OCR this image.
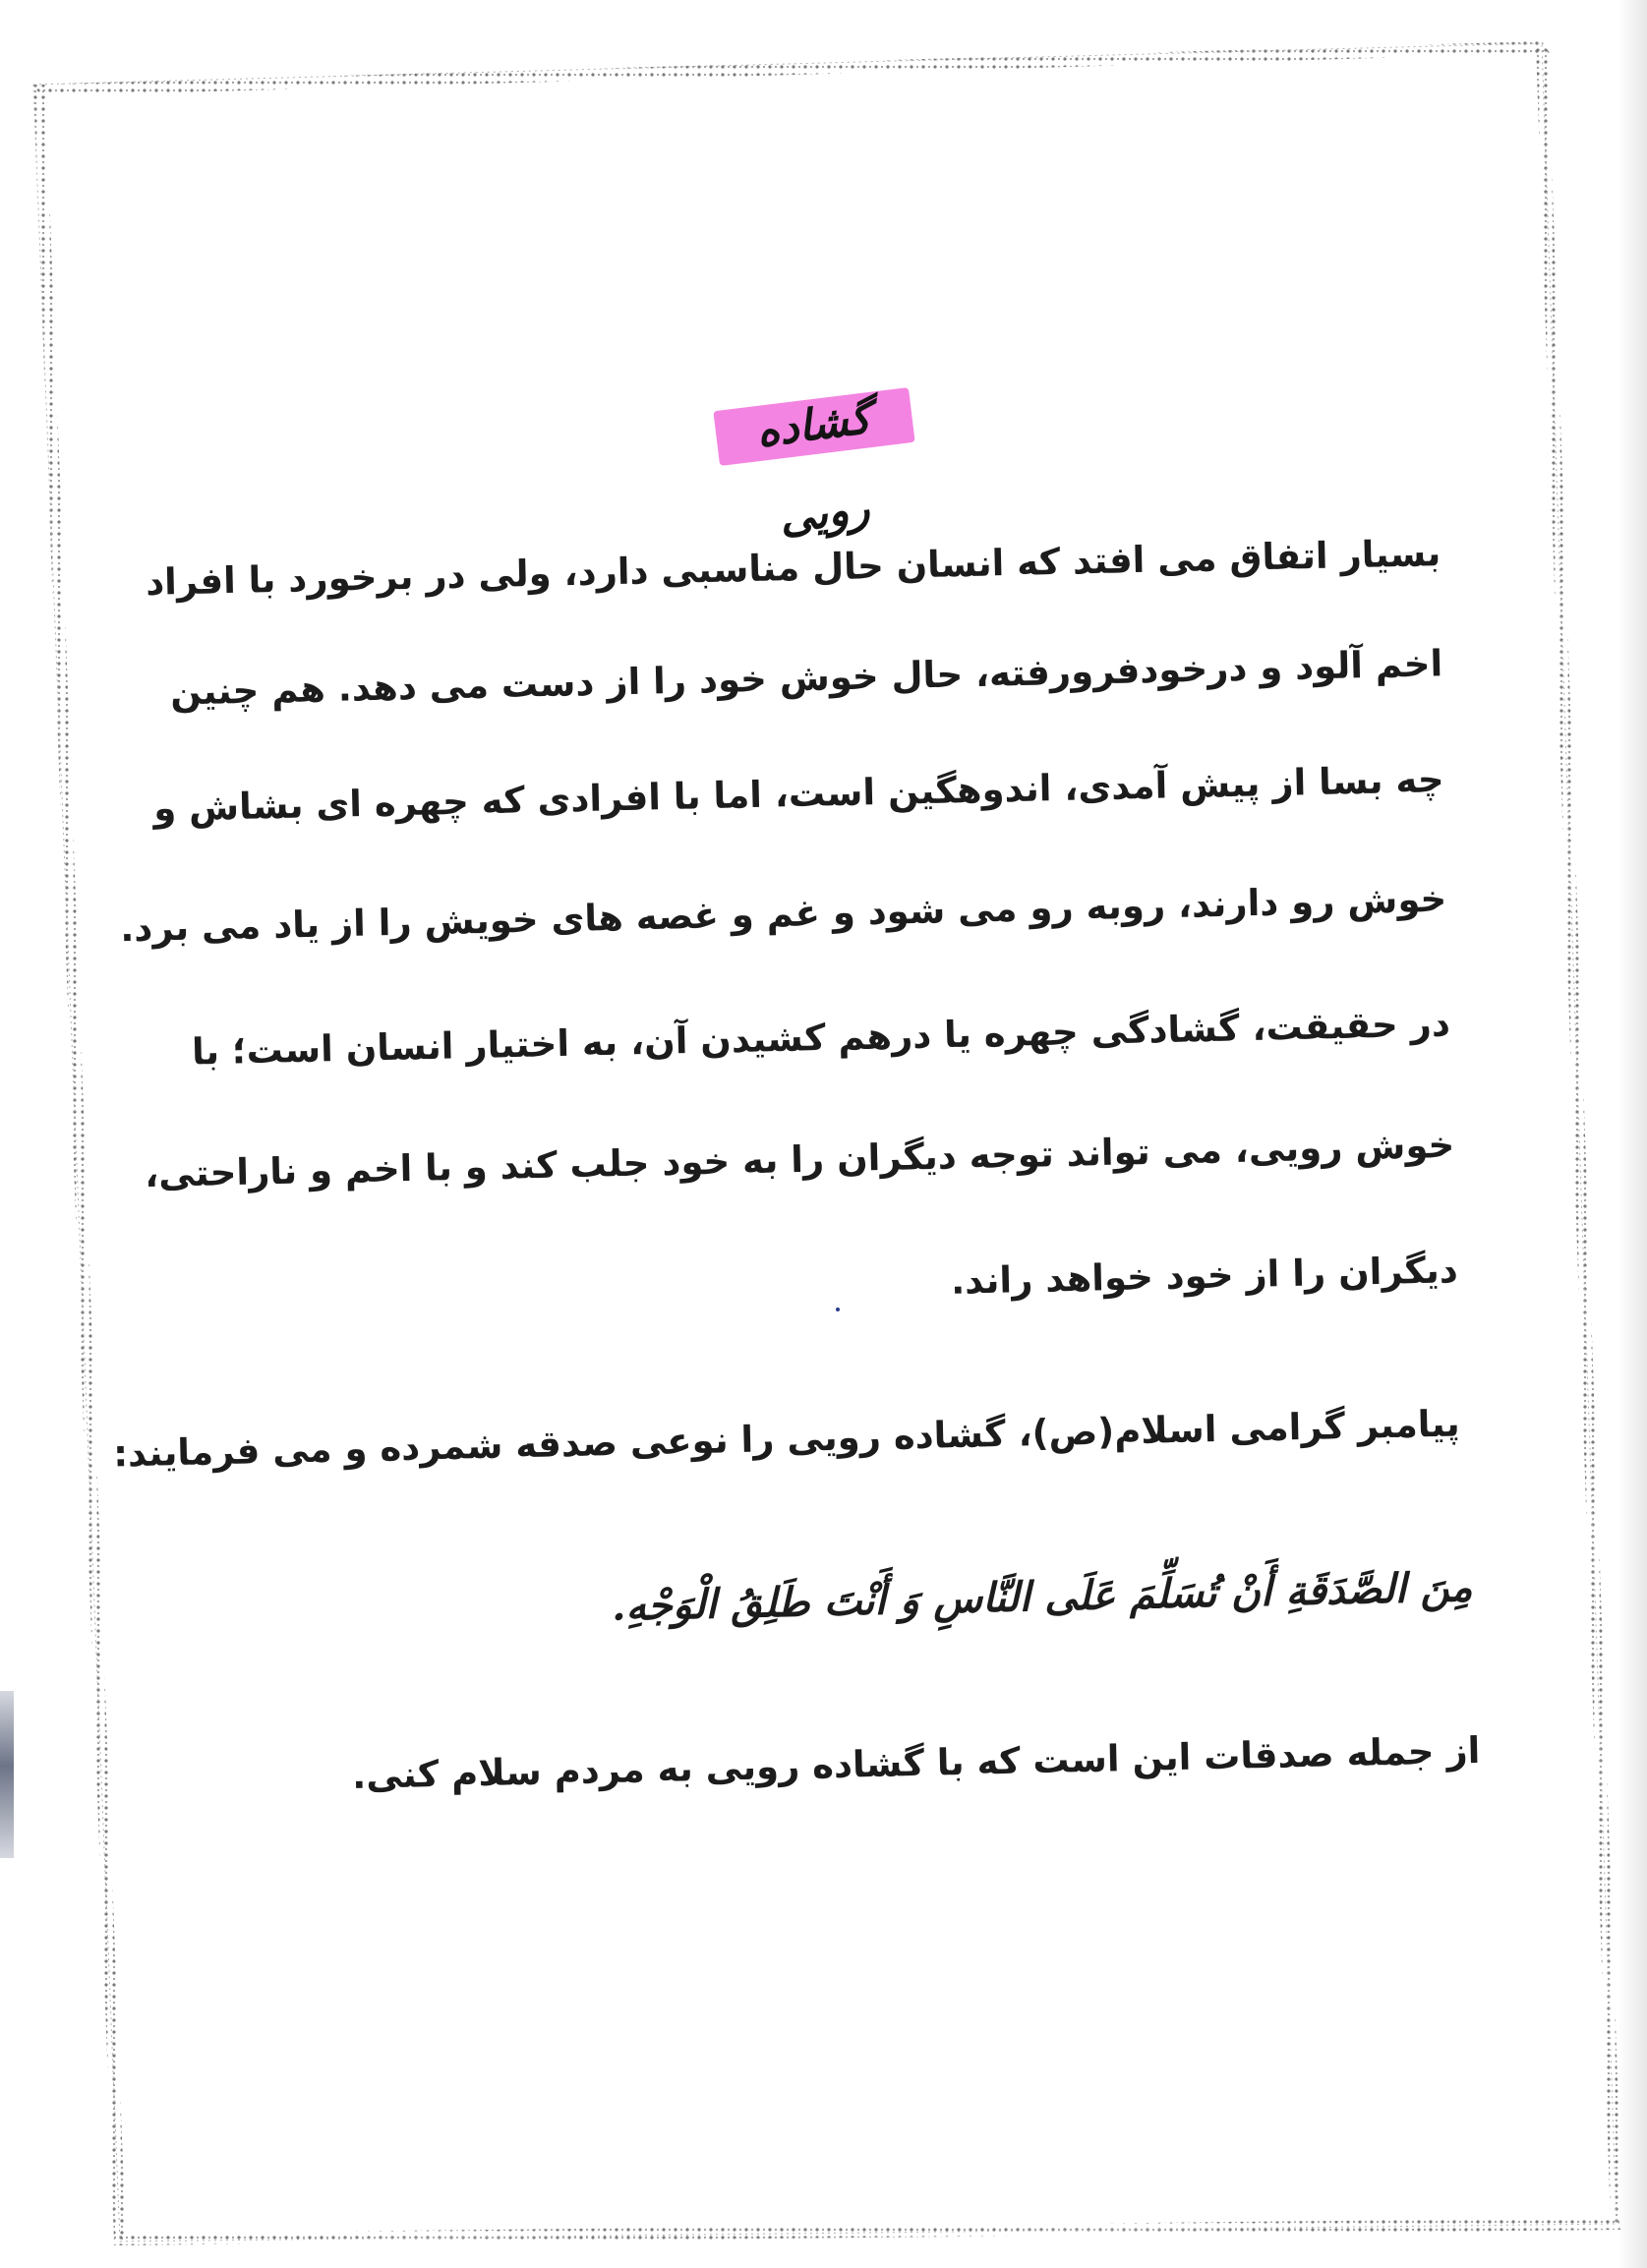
گشاده رویی
بسیار اتفاق می افتد که انسان حال مناسبی دارد، ولی در برخورد با افراد
اخم آلود و درخودفرورفته، حال خوش خود را از دست می دهد. هم چنین
چه بسا از پیش آمدی، اندوهگین است، اما با افرادی که چهره ای بشاش و
خوش رو دارند، روبه رو می شود و غم و غصه های خویش را از یاد می برد.
در حقیقت، گشادگی چهره یا درهم کشیدن آن، به اختیار انسان است؛ با
خوش رویی، می تواند توجه دیگران را به خود جلب کند و با اخم و ناراحتی،
دیگران را از خود خواهد راند.
پیامبر گرامی اسلام(ص)، گشاده رویی را نوعی صدقه شمرده و می فرمایند:
مِنَ الصَّدَقَةِ أَنْ تُسَلِّمَ عَلَى النَّاسِ وَ أَنْتَ طَلِقُ الْوَجْهِ.
از جمله صدقات این است که با گشاده رویی به مردم سلام کنی.
